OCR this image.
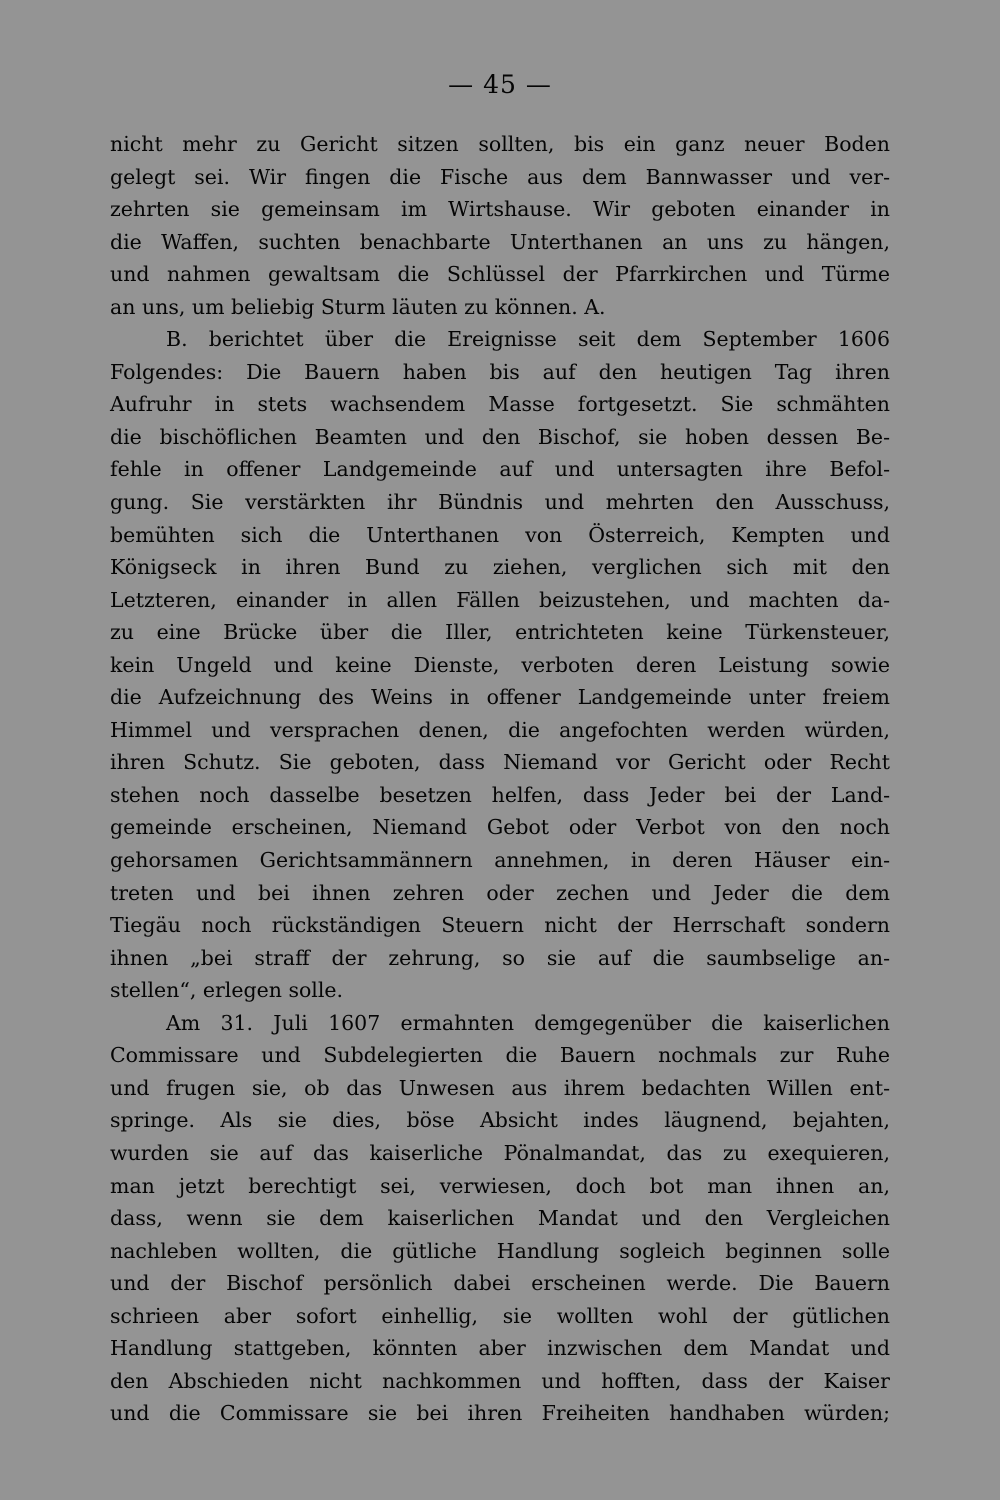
— 45 —
nicht mehr zu Gericht sitzen sollten, bis ein ganz neuer Boden
gelegt sei. Wir fingen die Fische aus dem Bannwasser und ver-
zehrten sie gemeinsam im Wirtshause. Wir geboten einander in
die Waffen, suchten benachbarte Unterthanen an uns zu hängen,
und nahmen gewaltsam die Schlüssel der Pfarrkirchen und Türme
an uns, um beliebig Sturm läuten zu können. A.
B. berichtet über die Ereignisse seit dem September 1606
Folgendes: Die Bauern haben bis auf den heutigen Tag ihren
Aufruhr in stets wachsendem Masse fortgesetzt. Sie schmähten
die bischöflichen Beamten und den Bischof, sie hoben dessen Be-
fehle in offener Landgemeinde auf und untersagten ihre Befol-
gung. Sie verstärkten ihr Bündnis und mehrten den Ausschuss,
bemühten sich die Unterthanen von Österreich, Kempten und
Königseck in ihren Bund zu ziehen, verglichen sich mit den
Letzteren, einander in allen Fällen beizustehen, und machten da-
zu eine Brücke über die Iller, entrichteten keine Türkensteuer,
kein Ungeld und keine Dienste, verboten deren Leistung sowie
die Aufzeichnung des Weins in offener Landgemeinde unter freiem
Himmel und versprachen denen, die angefochten werden würden,
ihren Schutz. Sie geboten, dass Niemand vor Gericht oder Recht
stehen noch dasselbe besetzen helfen, dass Jeder bei der Land-
gemeinde erscheinen, Niemand Gebot oder Verbot von den noch
gehorsamen Gerichtsammännern annehmen, in deren Häuser ein-
treten und bei ihnen zehren oder zechen und Jeder die dem
Tiegäu noch rückständigen Steuern nicht der Herrschaft sondern
ihnen „bei straff der zehrung, so sie auf die saumbselige an-
stellen“, erlegen solle.
Am 31. Juli 1607 ermahnten demgegenüber die kaiserlichen
Commissare und Subdelegierten die Bauern nochmals zur Ruhe
und frugen sie, ob das Unwesen aus ihrem bedachten Willen ent-
springe. Als sie dies, böse Absicht indes läugnend, bejahten,
wurden sie auf das kaiserliche Pönalmandat, das zu exequieren,
man jetzt berechtigt sei, verwiesen, doch bot man ihnen an,
dass, wenn sie dem kaiserlichen Mandat und den Vergleichen
nachleben wollten, die gütliche Handlung sogleich beginnen solle
und der Bischof persönlich dabei erscheinen werde. Die Bauern
schrieen aber sofort einhellig, sie wollten wohl der gütlichen
Handlung stattgeben, könnten aber inzwischen dem Mandat und
den Abschieden nicht nachkommen und hofften, dass der Kaiser
und die Commissare sie bei ihren Freiheiten handhaben würden;
